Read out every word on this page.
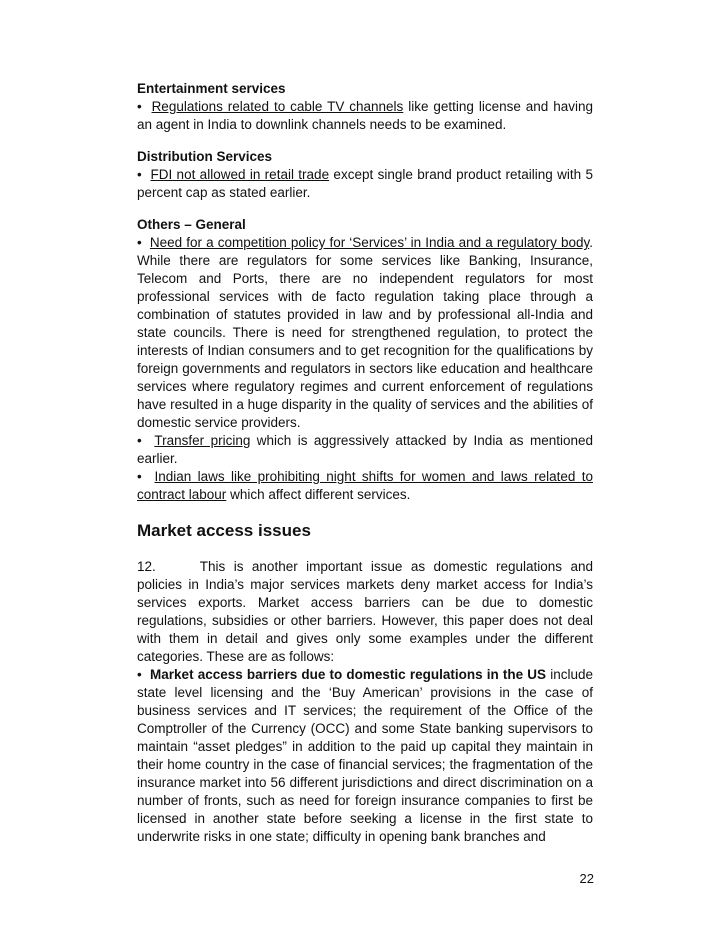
Entertainment services

• Regulations related to cable TV channels like getting license and having an agent in India to downlink channels needs to be examined.

Distribution Services

• FDI not allowed in retail trade except single brand product retailing with 5 percent cap as stated earlier.

Others – General

• Need for a competition policy for ‘Services’ in India and a regulatory body. While there are regulators for some services like Banking, Insurance, Telecom and Ports, there are no independent regulators for most professional services with de facto regulation taking place through a combination of statutes provided in law and by professional all-India and state councils. There is need for strengthened regulation, to protect the interests of Indian consumers and to get recognition for the qualifications by foreign governments and regulators in sectors like education and healthcare services where regulatory regimes and current enforcement of regulations have resulted in a huge disparity in the quality of services and the abilities of domestic service providers.

• Transfer pricing which is aggressively attacked by India as mentioned earlier.

• Indian laws like prohibiting night shifts for women and laws related to contract labour which affect different services.

Market access issues

12.	This is another important issue as domestic regulations and policies in India’s major services markets deny market access for India’s services exports. Market access barriers can be due to domestic regulations, subsidies or other barriers. However, this paper does not deal with them in detail and gives only some examples under the different categories. These are as follows:

• Market access barriers due to domestic regulations in the US include state level licensing and the ‘Buy American’ provisions in the case of business services and IT services; the requirement of the Office of the Comptroller of the Currency (OCC) and some State banking supervisors to maintain “asset pledges” in addition to the paid up capital they maintain in their home country in the case of financial services; the fragmentation of the insurance market into 56 different jurisdictions and direct discrimination on a number of fronts, such as need for foreign insurance companies to first be licensed in another state before seeking a license in the first state to underwrite risks in one state; difficulty in opening bank branches and

22
